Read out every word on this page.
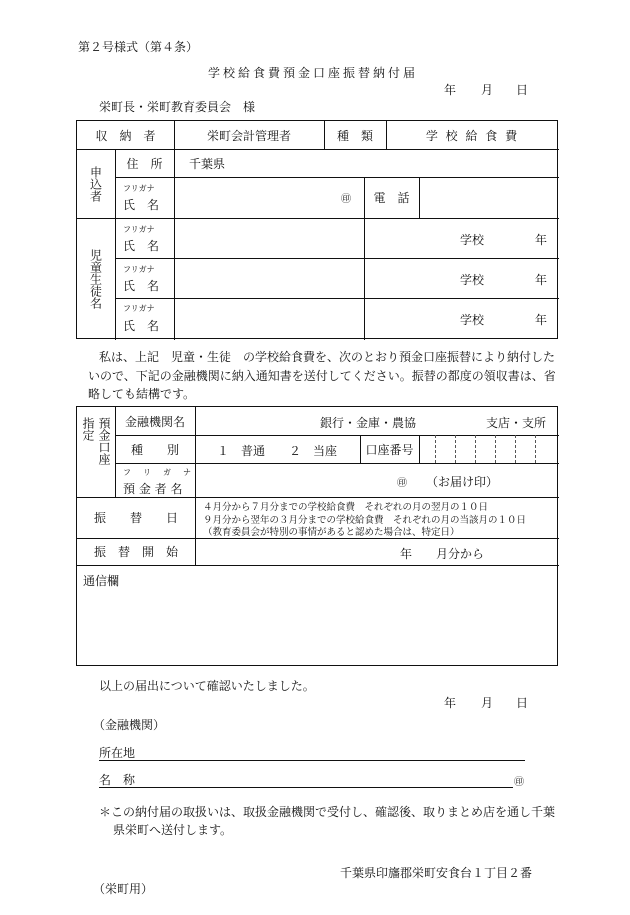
第２号様式（第４条）
学校給食費預金口座振替納付届
年 月 日
栄町長・栄町教育委員会　様
収　納　者	栄町会計管理者	種　類	学 校 給 食 費
申込者
住　所	千葉県
フリガナ
氏　名	㊞	電　話
児童生徒名
フリガナ
氏　名	学校	年
フリガナ
氏　名	学校	年
フリガナ
氏　名	学校	年
私は、上記　児童・生徒　の学校給食費を、次のとおり預金口座振替により納付した
いので、下記の金融機関に納入通知書を送付してください。振替の都度の領収書は、省
略しても結構です。
指定 預金口座	金融機関名	銀行・金庫・農協	支店・支所
種　　別	１　普通　　２　当座	口座番号
フ　リ　ガ　ナ
預 金 者 名	㊞ （お届け印）
振　　替　　日
４月分から７月分までの学校給食費　それぞれの月の翌月の１０日
９月分から翌年の３月分までの学校給食費　それぞれの月の当該月の１０日
（教育委員会が特別の事情があると認めた場合は、特定日）
振　替　開　始	年　　月分から
通信欄
以上の届出について確認いたしました。
年 月 日
（金融機関）
所在地
名　称	㊞
＊この納付届の取扱いは、取扱金融機関で受付し、確認後、取りまとめ店を通し千葉
県栄町へ送付します。
千葉県印旛郡栄町安食台１丁目２番
（栄町用）
